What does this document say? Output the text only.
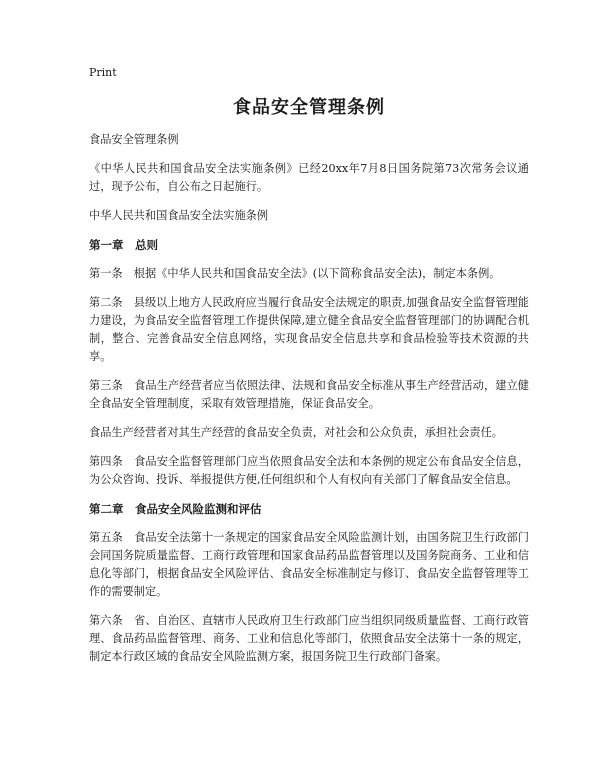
Print
食品安全管理条例

食品安全管理条例

《中华人民共和国食品安全法实施条例》已经20xx年7月8日国务院第73次常务会议通过，现予公布，自公布之日起施行。

中华人民共和国食品安全法实施条例

第一章　总则

第一条　根据《中华人民共和国食品安全法》(以下简称食品安全法)，制定本条例。

第二条　县级以上地方人民政府应当履行食品安全法规定的职责,加强食品安全监督管理能力建设，为食品安全监督管理工作提供保障,建立健全食品安全监督管理部门的协调配合机制，整合、完善食品安全信息网络，实现食品安全信息共享和食品检验等技术资源的共享。

第三条　食品生产经营者应当依照法律、法规和食品安全标准从事生产经营活动，建立健全食品安全管理制度，采取有效管理措施，保证食品安全。

食品生产经营者对其生产经营的食品安全负责，对社会和公众负责，承担社会责任。

第四条　食品安全监督管理部门应当依照食品安全法和本条例的规定公布食品安全信息，为公众咨询、投诉、举报提供方便,任何组织和个人有权向有关部门了解食品安全信息。

第二章　食品安全风险监测和评估

第五条　食品安全法第十一条规定的国家食品安全风险监测计划，由国务院卫生行政部门会同国务院质量监督、工商行政管理和国家食品药品监督管理以及国务院商务、工业和信息化等部门，根据食品安全风险评估、食品安全标准制定与修订、食品安全监督管理等工作的需要制定。

第六条　省、自治区、直辖市人民政府卫生行政部门应当组织同级质量监督、工商行政管理、食品药品监督管理、商务、工业和信息化等部门，依照食品安全法第十一条的规定，制定本行政区域的食品安全风险监测方案，报国务院卫生行政部门备案。
